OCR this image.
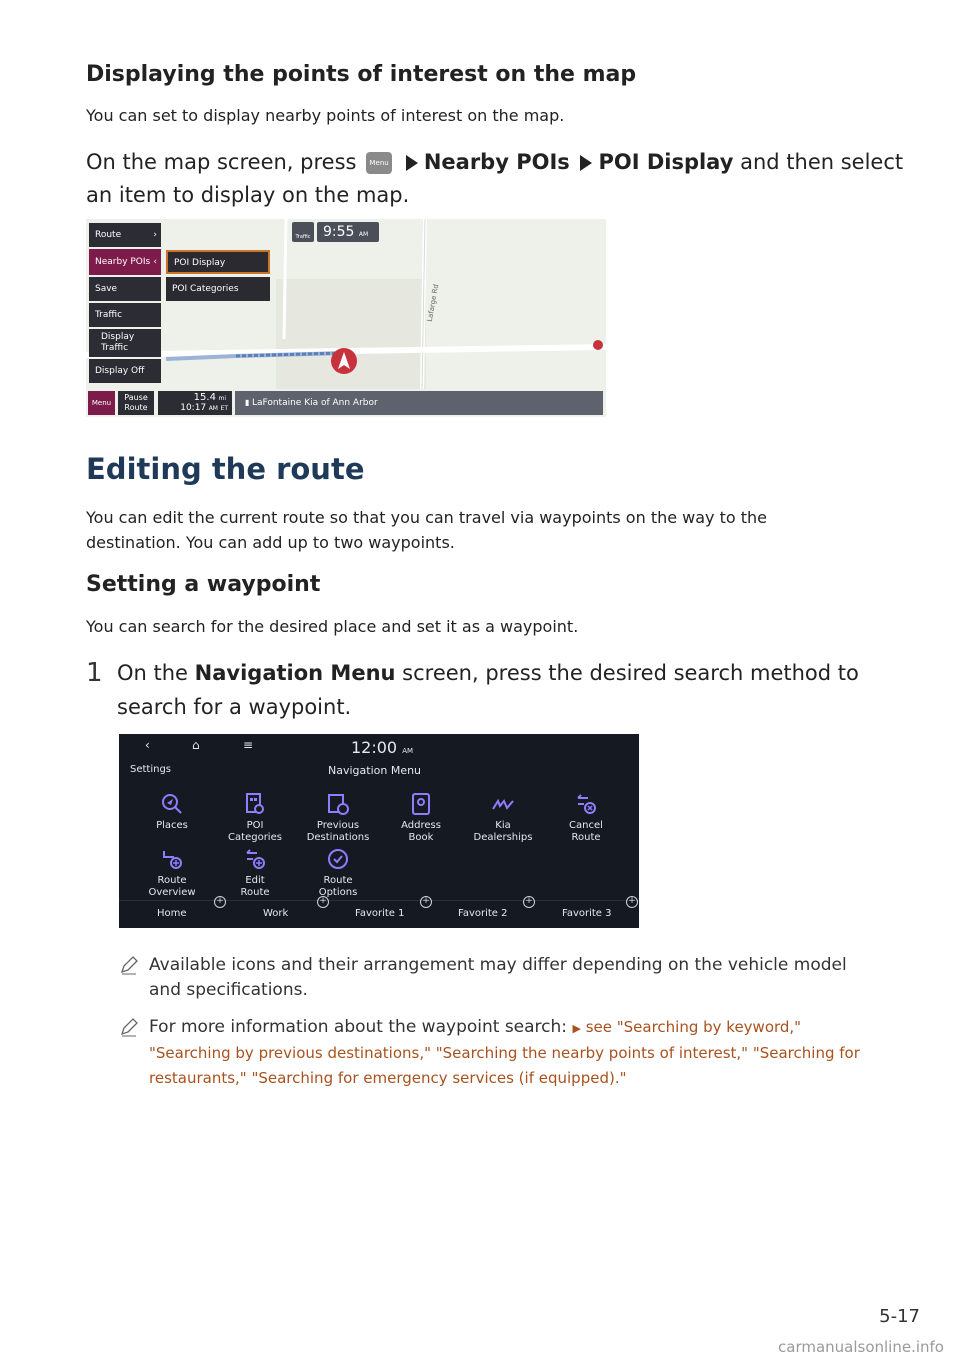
Displaying the points of interest on the map
You can set to display nearby points of interest on the map.
On the map screen, press Menu Nearby POIs POI Display and then select
an item to display on the map.
Lafarge Rd
Route	›
Nearby POIs ‹
Save
Traffic
Display
Traffic
Display Off
POI Display
POI Categories
Traffic 9:55 AM
Menu
Pause
Route
15.4 mi
10:17 AM ET
▮ LaFontaine Kia of Ann Arbor
Editing the route
You can edit the current route so that you can travel via waypoints on the way to the
destination. You can add up to two waypoints.
Setting a waypoint
You can search for the desired place and set it as a waypoint.
1 On the Navigation Menu screen, press the desired search method to
search for a waypoint.
‹	⌂	≡	12:00 AM
Settings	Navigation Menu
Places	POI
Categories
Previous
Destinations
Address
Book
Kia
Dealerships
Cancel
Route
Route
Overview
Edit
Route
Route
Options
Home
+
Work
+
Favorite 1
+
Favorite 2
+
Favorite 3
+
Available icons and their arrangement may differ depending on the vehicle model
and specifications.
For more information about the waypoint search: ▶ see "Searching by keyword,"
"Searching by previous destinations," "Searching the nearby points of interest," "Searching for
restaurants," "Searching for emergency services (if equipped)."
5-17
carmanualsonline.info
